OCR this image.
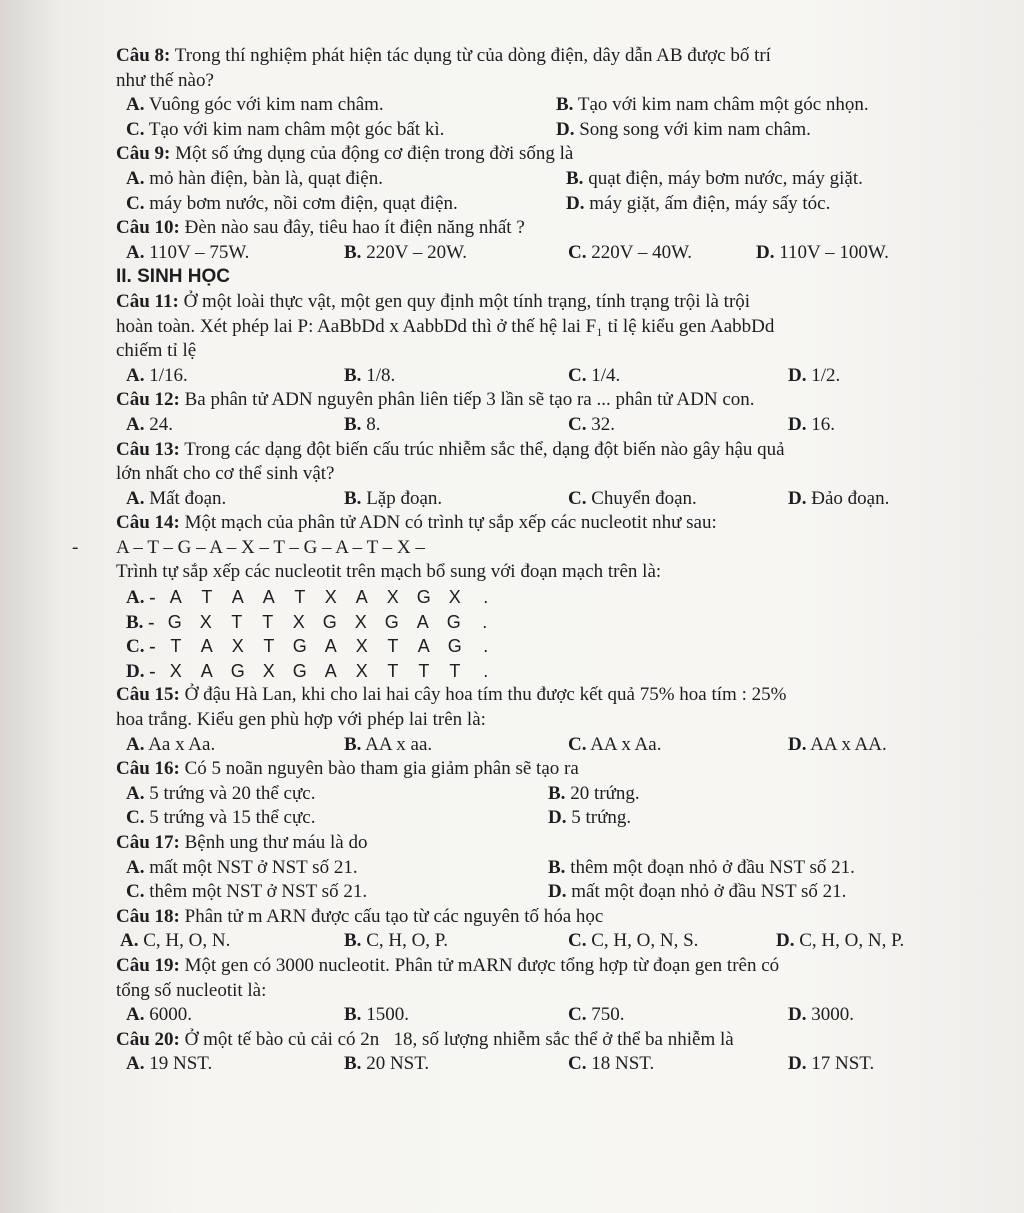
Câu 8: Trong thí nghiệm phát hiện tác dụng từ của dòng điện, dây dẫn AB được bố trí
như thế nào?
A. Vuông góc với kim nam châm.	B. Tạo với kim nam châm một góc nhọn.
C. Tạo với kim nam châm một góc bất kì.	D. Song song với kim nam châm.
Câu 9: Một số ứng dụng của động cơ điện trong đời sống là
A. mỏ hàn điện, bàn là, quạt điện.	B. quạt điện, máy bơm nước, máy giặt.
C. máy bơm nước, nồi cơm điện, quạt điện.	D. máy giặt, ấm điện, máy sấy tóc.
Câu 10: Đèn nào sau đây, tiêu hao ít điện năng nhất ?
A. 110V – 75W.	B. 220V – 20W.	C. 220V – 40W.	D. 110V – 100W.
II. SINH HỌC
Câu 11: Ở một loài thực vật, một gen quy định một tính trạng, tính trạng trội là trội
hoàn toàn. Xét phép lai P: AaBbDd x AabbDd thì ở thế hệ lai F₁ tỉ lệ kiểu gen AabbDd
chiếm tỉ lệ
A. 1/16.	B. 1/8.	C. 1/4.	D. 1/2.
Câu 12: Ba phân tử ADN nguyên phân liên tiếp 3 lần sẽ tạo ra ... phân tử ADN con.
A. 24.	B. 8.	C. 32.	D. 16.
Câu 13: Trong các dạng đột biến cấu trúc nhiễm sắc thể, dạng đột biến nào gây hậu quả
lớn nhất cho cơ thể sinh vật?
A. Mất đoạn.	B. Lặp đoạn.	C. Chuyển đoạn.	D. Đảo đoạn.
Câu 14: Một mạch của phân tử ADN có trình tự sắp xếp các nucleotit như sau:
- A – T – G – A – X – T – G – A – T – X –
Trình tự sắp xếp các nucleotit trên mạch bổ sung với đoạn mạch trên là:
A. - A T A A T X A X G X .
B. - G X T T X G X G A G .
C. - T A X T G A X T A G .
D. - X A G X G A X T T T .
Câu 15: Ở đậu Hà Lan, khi cho lai hai cây hoa tím thu được kết quả 75% hoa tím : 25%
hoa trắng. Kiểu gen phù hợp với phép lai trên là:
A. Aa x Aa.	B. AA x aa.	C. AA x Aa.	D. AA x AA.
Câu 16: Có 5 noãn nguyên bào tham gia giảm phân sẽ tạo ra
A. 5 trứng và 20 thể cực.	B. 20 trứng.
C. 5 trứng và 15 thể cực.	D. 5 trứng.
Câu 17: Bệnh ung thư máu là do
A. mất một NST ở NST số 21.	B. thêm một đoạn nhỏ ở đầu NST số 21.
C. thêm một NST ở NST số 21.	D. mất một đoạn nhỏ ở đầu NST số 21.
Câu 18: Phân tử m ARN được cấu tạo từ các nguyên tố hóa học
A. C, H, O, N.	B. C, H, O, P.	C. C, H, O, N, S.	D. C, H, O, N, P.
Câu 19: Một gen có 3000 nucleotit. Phân tử mARN được tổng hợp từ đoạn gen trên có
tổng số nucleotit là:
A. 6000.	B. 1500.	C. 750.	D. 3000.
Câu 20: Ở một tế bào củ cải có 2n   18, số lượng nhiễm sắc thể ở thể ba nhiễm là
A. 19 NST.	B. 20 NST.	C. 18 NST.	D. 17 NST.
